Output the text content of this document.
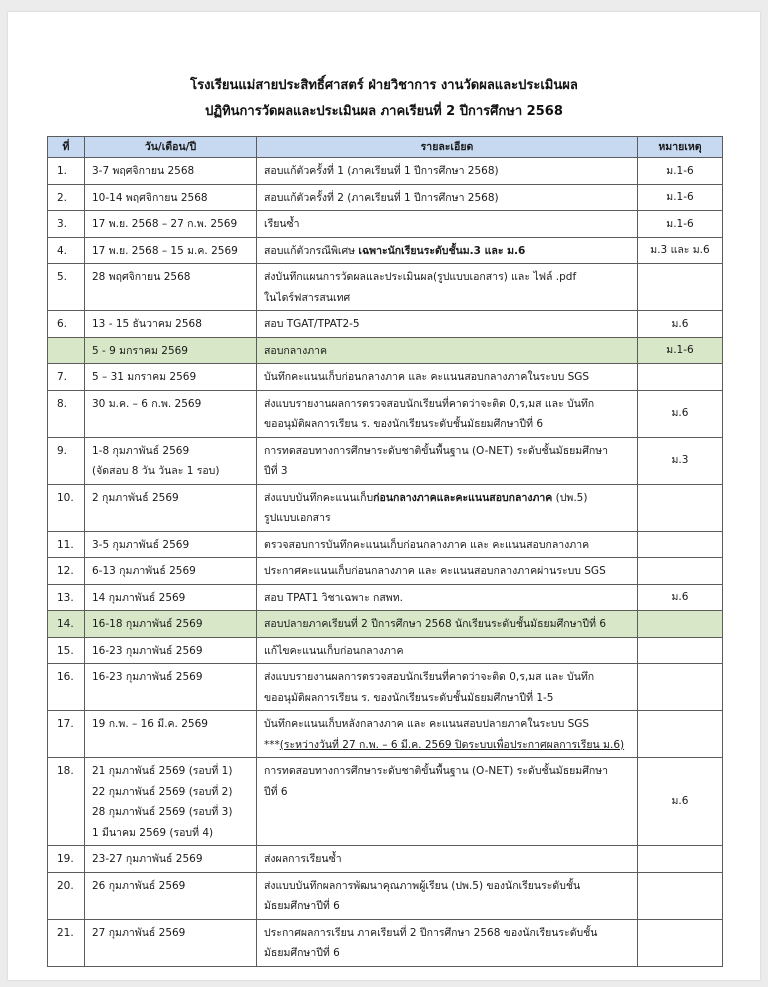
โรงเรียนแม่สายประสิทธิ์ศาสตร์ ฝ่ายวิชาการ งานวัดผลและประเมินผล
ปฏิทินการวัดผลและประเมินผล ภาคเรียนที่ 2 ปีการศึกษา 2568
ที่	วัน/เดือน/ปี	รายละเอียด	หมายเหตุ
1.	3-7 พฤศจิกายน 2568	สอบแก้ตัวครั้งที่ 1 (ภาคเรียนที่ 1 ปีการศึกษา 2568)	ม.1-6
2.	10-14 พฤศจิกายน 2568	สอบแก้ตัวครั้งที่ 2 (ภาคเรียนที่ 1 ปีการศึกษา 2568)	ม.1-6
3.	17 พ.ย. 2568 – 27 ก.พ. 2569	เรียนซ้ำ	ม.1-6
4.	17 พ.ย. 2568 – 15 ม.ค. 2569	สอบแก้ตัวกรณีพิเศษ เฉพาะนักเรียนระดับชั้นม.3 และ ม.6	ม.3 และ ม.6
5.	28 พฤศจิกายน 2568	ส่งบันทึกแผนการวัดผลและประเมินผล(รูปแบบเอกสาร) และ ไฟล์ .pdf
ในไดร์ฟสารสนเทศ	

6.	13 - 15 ธันวาคม 2568	สอบ TGAT/TPAT2-5	ม.6
	5 - 9 มกราคม 2569	สอบกลางภาค	ม.1-6
7.	5 – 31 มกราคม 2569	บันทึกคะแนนเก็บก่อนกลางภาค และ คะแนนสอบกลางภาคในระบบ SGS	
8.	30 ม.ค. – 6 ก.พ. 2569	ส่งแบบรายงานผลการตรวจสอบนักเรียนที่คาดว่าจะติด 0,ร,มส และ บันทึก
ขออนุมัติผลการเรียน ร. ของนักเรียนระดับชั้นมัธยมศึกษาปีที่ 6	ม.6
9.	1-8 กุมภาพันธ์ 2569
(จัดสอบ 8 วัน วันละ 1 รอบ)	การทดสอบทางการศึกษาระดับชาติขั้นพื้นฐาน (O-NET) ระดับชั้นมัธยมศึกษา
ปีที่ 3	ม.3
10.	2 กุมภาพันธ์ 2569	ส่งแบบบันทึกคะแนนเก็บก่อนกลางภาคและคะแนนสอบกลางภาค (ปพ.5)
รูปแบบเอกสาร	

11.	3-5 กุมภาพันธ์ 2569	ตรวจสอบการบันทึกคะแนนเก็บก่อนกลางภาค และ คะแนนสอบกลางภาค	
12.	6-13 กุมภาพันธ์ 2569	ประกาศคะแนนเก็บก่อนกลางภาค และ คะแนนสอบกลางภาคผ่านระบบ SGS	
13.	14 กุมภาพันธ์ 2569	สอบ TPAT1 วิชาเฉพาะ กสพท.	ม.6
14.	16-18 กุมภาพันธ์ 2569	สอบปลายภาคเรียนที่ 2 ปีการศึกษา 2568 นักเรียนระดับชั้นมัธยมศึกษาปีที่ 6	
15.	16-23 กุมภาพันธ์ 2569	แก้ไขคะแนนเก็บก่อนกลางภาค	
16.	16-23 กุมภาพันธ์ 2569	ส่งแบบรายงานผลการตรวจสอบนักเรียนที่คาดว่าจะติด 0,ร,มส และ บันทึก
ขออนุมัติผลการเรียน ร. ของนักเรียนระดับชั้นมัธยมศึกษาปีที่ 1-5	

17.	19 ก.พ. – 16 มี.ค. 2569	บันทึกคะแนนเก็บหลังกลางภาค และ คะแนนสอบปลายภาคในระบบ SGS
***(ระหว่างวันที่ 27 ก.พ. – 6 มี.ค. 2569 ปิดระบบเพื่อประกาศผลการเรียน ม.6)	

18.	21 กุมภาพันธ์ 2569 (รอบที่ 1)
22 กุมภาพันธ์ 2569 (รอบที่ 2)
28 กุมภาพันธ์ 2569 (รอบที่ 3)
1 มีนาคม 2569 (รอบที่ 4)	การทดสอบทางการศึกษาระดับชาติขั้นพื้นฐาน (O-NET) ระดับชั้นมัธยมศึกษา
ปีที่ 6	ม.6
19.	23-27 กุมภาพันธ์ 2569	ส่งผลการเรียนซ้ำ	
20.	26 กุมภาพันธ์ 2569	ส่งแบบบันทึกผลการพัฒนาคุณภาพผู้เรียน (ปพ.5) ของนักเรียนระดับชั้น
มัธยมศึกษาปีที่ 6	

21.	27 กุมภาพันธ์ 2569	ประกาศผลการเรียน ภาคเรียนที่ 2 ปีการศึกษา 2568 ของนักเรียนระดับชั้น
มัธยมศึกษาปีที่ 6	
